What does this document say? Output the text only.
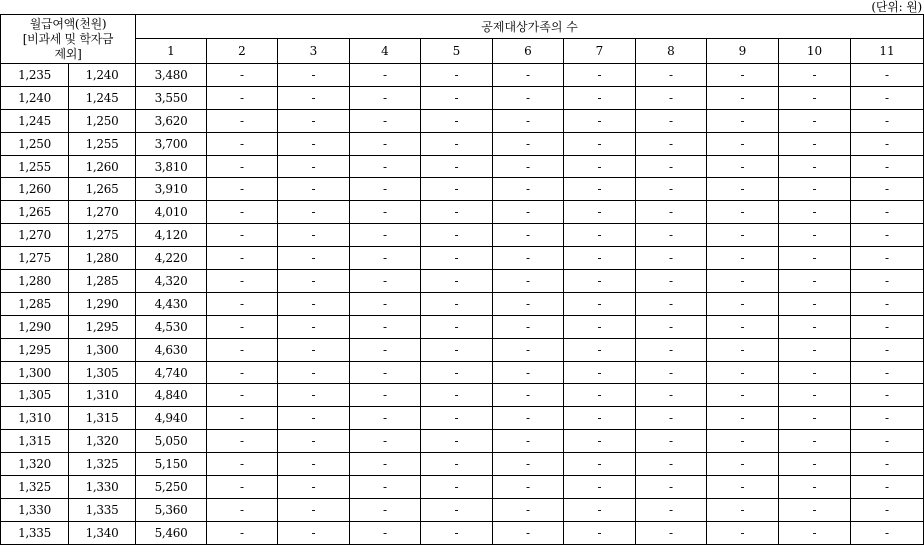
(단위: 원)
월급여액(천원)
[비과세 및 학자금
제외]		공제대상가족의 수										
		1	2	3	4	5	6	7	8	9	10	11
1,235	1,240	3,480	-	-	-	-	-	-	-	-	-	-
1,240	1,245	3,550	-	-	-	-	-	-	-	-	-	-
1,245	1,250	3,620	-	-	-	-	-	-	-	-	-	-
1,250	1,255	3,700	-	-	-	-	-	-	-	-	-	-
1,255	1,260	3,810	-	-	-	-	-	-	-	-	-	-
1,260	1,265	3,910	-	-	-	-	-	-	-	-	-	-
1,265	1,270	4,010	-	-	-	-	-	-	-	-	-	-
1,270	1,275	4,120	-	-	-	-	-	-	-	-	-	-
1,275	1,280	4,220	-	-	-	-	-	-	-	-	-	-
1,280	1,285	4,320	-	-	-	-	-	-	-	-	-	-
1,285	1,290	4,430	-	-	-	-	-	-	-	-	-	-
1,290	1,295	4,530	-	-	-	-	-	-	-	-	-	-
1,295	1,300	4,630	-	-	-	-	-	-	-	-	-	-
1,300	1,305	4,740	-	-	-	-	-	-	-	-	-	-
1,305	1,310	4,840	-	-	-	-	-	-	-	-	-	-
1,310	1,315	4,940	-	-	-	-	-	-	-	-	-	-
1,315	1,320	5,050	-	-	-	-	-	-	-	-	-	-
1,320	1,325	5,150	-	-	-	-	-	-	-	-	-	-
1,325	1,330	5,250	-	-	-	-	-	-	-	-	-	-
1,330	1,335	5,360	-	-	-	-	-	-	-	-	-	-
1,335	1,340	5,460	-	-	-	-	-	-	-	-	-	-
